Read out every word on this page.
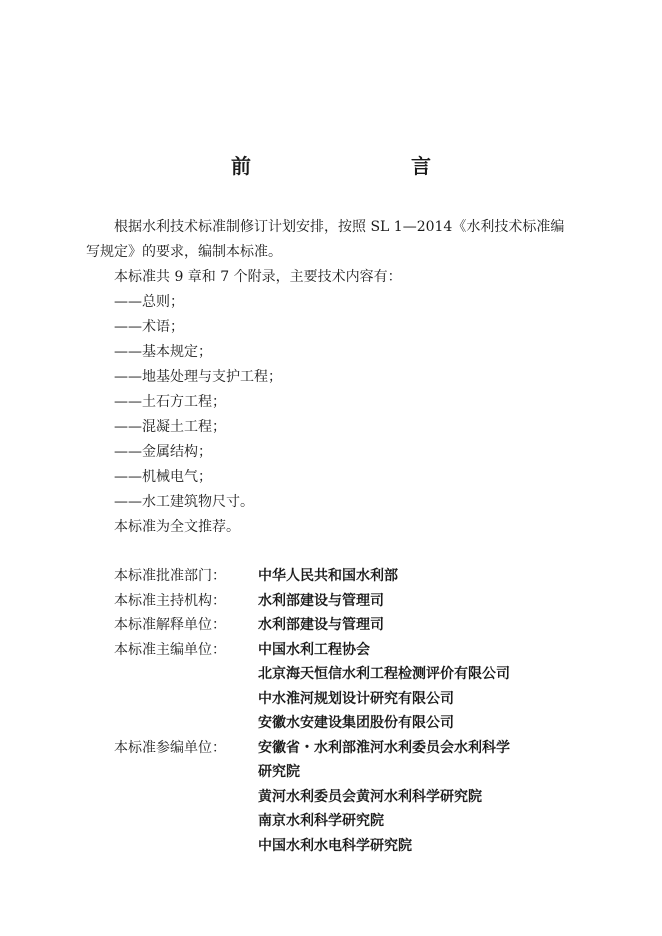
前　　言

根据水利技术标准制修订计划安排，按照 SL 1—2014《水利技术标准编写规定》的要求，编制本标准。

本标准共 9 章和 7 个附录，主要技术内容有：

——总则；
——术语；
——基本规定；
——地基处理与支护工程；
——土石方工程；
——混凝土工程；
——金属结构；
——机械电气；
——水工建筑物尺寸。

本标准为全文推荐。

本标准批准部门：	中华人民共和国水利部
本标准主持机构：	水利部建设与管理司
本标准解释单位：	水利部建设与管理司
本标准主编单位：	中国水利工程协会
北京海天恒信水利工程检测评价有限公司
中水淮河规划设计研究有限公司
安徽水安建设集团股份有限公司
本标准参编单位：	安徽省・水利部淮河水利委员会水利科学
研究院
黄河水利委员会黄河水利科学研究院
南京水利科学研究院
中国水利水电科学研究院
